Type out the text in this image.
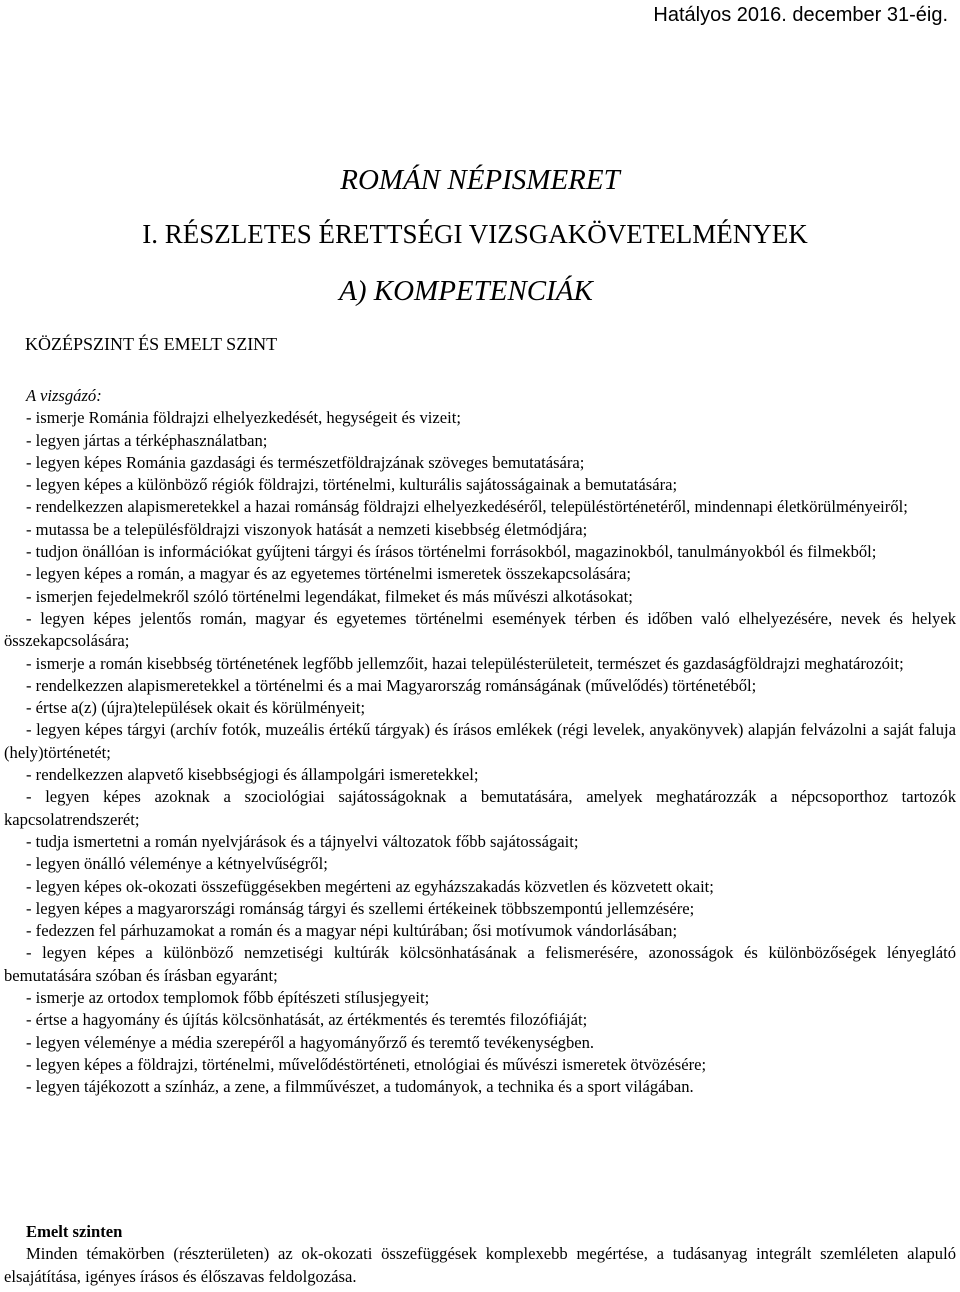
Hatályos 2016. december 31-éig.
ROMÁN NÉPISMERET
I. RÉSZLETES ÉRETTSÉGI VIZSGAKÖVETELMÉNYEK
A) KOMPETENCIÁK
KÖZÉPSZINT ÉS EMELT SZINT
A vizsgázó:

- ismerje Románia földrajzi elhelyezkedését, hegységeit és vizeit;

- legyen jártas a térképhasználatban;

- legyen képes Románia gazdasági és természetföldrajzának szöveges bemutatására;

- legyen képes a különböző régiók földrajzi, történelmi, kulturális sajátosságainak a bemutatására;

- rendelkezzen alapismeretekkel a hazai románság földrajzi elhelyezkedéséről, településtörténetéről, mindennapi életkörülményeiről;

- mutassa be a településföldrajzi viszonyok hatását a nemzeti kisebbség életmódjára;

- tudjon önállóan is információkat gyűjteni tárgyi és írásos történelmi forrásokból, magazinokból, tanulmányokból és filmekből;

- legyen képes a román, a magyar és az egyetemes történelmi ismeretek összekapcsolására;

- ismerjen fejedelmekről szóló történelmi legendákat, filmeket és más művészi alkotásokat;

- legyen képes jelentős román, magyar és egyetemes történelmi események térben és időben való elhelyezésére, nevek és helyek összekapcsolására;

- ismerje a román kisebbség történetének legfőbb jellemzőit, hazai településterületeit, természet és gazdaságföldrajzi meghatározóit;

- rendelkezzen alapismeretekkel a történelmi és a mai Magyarország románságának (művelődés) történetéből;

- értse a(z) (újra)települések okait és körülményeit;

- legyen képes tárgyi (archív fotók, muzeális értékű tárgyak) és írásos emlékek (régi levelek, anyakönyvek) alapján felvázolni a saját faluja (hely)történetét;

- rendelkezzen alapvető kisebbségjogi és állampolgári ismeretekkel;

- legyen képes azoknak a szociológiai sajátosságoknak a bemutatására, amelyek meghatározzák a népcsoporthoz tartozók kapcsolatrendszerét;

- tudja ismertetni a román nyelvjárások és a tájnyelvi változatok főbb sajátosságait;

- legyen önálló véleménye a kétnyelvűségről;

- legyen képes ok-okozati összefüggésekben megérteni az egyházszakadás közvetlen és közvetett okait;

- legyen képes a magyarországi románság tárgyi és szellemi értékeinek többszempontú jellemzésére;

- fedezzen fel párhuzamokat a román és a magyar népi kultúrában; ősi motívumok vándorlásában;

- legyen képes a különböző nemzetiségi kultúrák kölcsönhatásának a felismerésére, azonosságok és különbözőségek lényeglátó bemutatására szóban és írásban egyaránt;

- ismerje az ortodox templomok főbb építészeti stílusjegyeit;

- értse a hagyomány és újítás kölcsönhatását, az értékmentés és teremtés filozófiáját;

- legyen véleménye a média szerepéről a hagyományőrző és teremtő tevékenységben.

- legyen képes a földrajzi, történelmi, művelődéstörténeti, etnológiai és művészi ismeretek ötvözésére;

- legyen tájékozott a színház, a zene, a filmművészet, a tudományok, a technika és a sport világában.

Emelt szinten

Minden témakörben (részterületen) az ok-okozati összefüggések komplexebb megértése, a tudásanyag integrált szemléleten alapuló elsajátítása, igényes írásos és élőszavas feldolgozása.
